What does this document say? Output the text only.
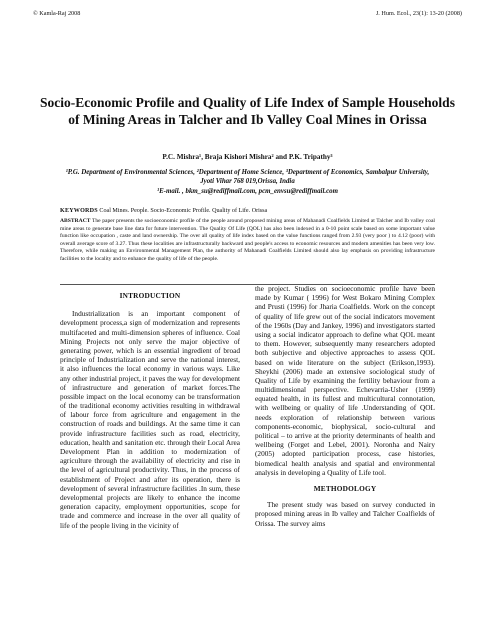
© Kamla-Raj 2008	J. Hum. Ecol., 23(1): 13-20 (2008)
Socio-Economic Profile and Quality of Life Index of Sample Households of Mining Areas in Talcher and Ib Valley Coal Mines in Orissa
P.C. Mishra¹, Braja Kishori Mishra² and P.K. Tripathy³
¹P.G. Department of Environmental Sciences, ²Department of Home Science, ³Department of Economics, Sambalpur University, Jyoti Vihar 768 019,Orissa, India
¹E-mail. , bkm_su@rediffmail.com, pcm_envsu@rediffmail.com
KEYWORDS Coal Mines. People. Socio-Economic Profile. Quality of Life. Orissa
ABSTRACT The paper presents the socioeconomic profile of the people around proposed mining areas of Mahanadi Coalfields Limited at Talcher and Ib valley coal mine areas to generate base line data for future intervention. The Quality Of Life (QOL) has also been indexed in a 0-10 point scale based on some important value function like occupation , caste and land ownership. The over all quality of life index based on the value functions ranged from 2.93 (very poor ) to 4.12 (poor) with overall average score of 3.27. Thus these localities are infrastructurally backward and people's access to economic resources and modern amenities has been very low. Therefore, while making an Environmental Management Plan, the authority of Mahanadi Coalfields Limited should also lay emphasis on providing infrastructure facilities to the locality and to enhance the quality of life of the people.
INTRODUCTION

Industrialization is an important component of development process,a sign of modernization and represents multifaceted and multi-dimension spheres of influence. Coal Mining Projects not only serve the major objective of generating power, which is an essential ingredient of broad principle of Industrialization and serve the national interest, it also influences the local economy in various ways. Like any other industrial project, it paves the way for development of infrastructure and generation of market forces.The possible impact on the local economy can be transformation of the traditional economy activities resulting in withdrawal of labour force from agriculture and engagement in the construction of roads and buildings. At the same time it can provide infrastructure facilities such as road, electricity, education, health and sanitation etc. through their Local Area Development Plan in addition to modernization of agriculture through the availability of electricity and rise in the level of agricultural productivity. Thus, in the process of establishment of Project and after its operation, there is development of several infrastructure facilities .In sum, these developmental projects are likely to enhance the income generation capacity, employment opportunities, scope for trade and commerce and increase in the over all quality of life of the people living in the vicinity of

the project. Studies on socioeconomic profile have been made by Kumar ( 1996) for West Bokaro Mining Complex and Prusti (1996) for Jharia Coalfields. Work on the concept of quality of life grew out of the social indicators movement of the 1960s (Day and Jankey, 1996) and investigators started using a social indicator approach to define what QOL meant to them. However, subsequently many researchers adopted both subjective and objective approaches to assess QOL based on wide literature on the subject (Erikson,1993). Sheykhi (2006) made an extensive sociological study of Quality of Life by examining the fertility behaviour from a multidimensional perspective. Echevarria-Usher (1999) equated health, in its fullest and multicultural connotation, with wellbeing or quality of life .Understanding of QOL needs exploration of relationship between various components-economic, biophysical, socio-cultural and political – to arrive at the priority determinants of health and wellbeing (Forget and Lebel, 2001). Noronha and Nairy (2005) adopted participation process, case histories, biomedical health analysis and spatial and environmental analysis in developing a Quality of Life tool.

METHODOLOGY

The present study was based on survey conducted in proposed mining areas in Ib valley and Talcher Coalfields of Orissa. The survey aims
